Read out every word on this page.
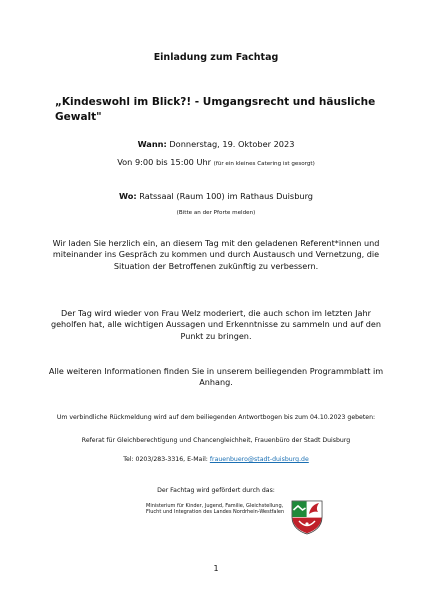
Einladung zum Fachtag
„Kindeswohl im Blick?! - Umgangsrecht und häusliche Gewalt"
Wann: Donnerstag, 19. Oktober 2023
Von 9:00 bis 15:00 Uhr (für ein kleines Catering ist gesorgt)
Wo: Ratssaal (Raum 100) im Rathaus Duisburg
(Bitte an der Pforte melden)
Wir laden Sie herzlich ein, an diesem Tag mit den geladenen Referent*innen und miteinander ins Gespräch zu kommen und durch Austausch und Vernetzung, die Situation der Betroffenen zukünftig zu verbessern.
Der Tag wird wieder von Frau Welz moderiert, die auch schon im letzten Jahr geholfen hat, alle wichtigen Aussagen und Erkenntnisse zu sammeln und auf den Punkt zu bringen.
Alle weiteren Informationen finden Sie in unserem beiliegenden Programmblatt im Anhang.
Um verbindliche Rückmeldung wird auf dem beiliegenden Antwortbogen bis zum 04.10.2023 gebeten:
Referat für Gleichberechtigung und Chancengleichheit, Frauenbüro der Stadt Duisburg
Tel: 0203/283-3316, E-Mail: frauenbuero@stadt-duisburg.de
Der Fachtag wird gefördert durch das:
Ministerium für Kinder, Jugend, Familie, Gleichstellung, Flucht und Integration des Landes Nordrhein-Westfalen
1
